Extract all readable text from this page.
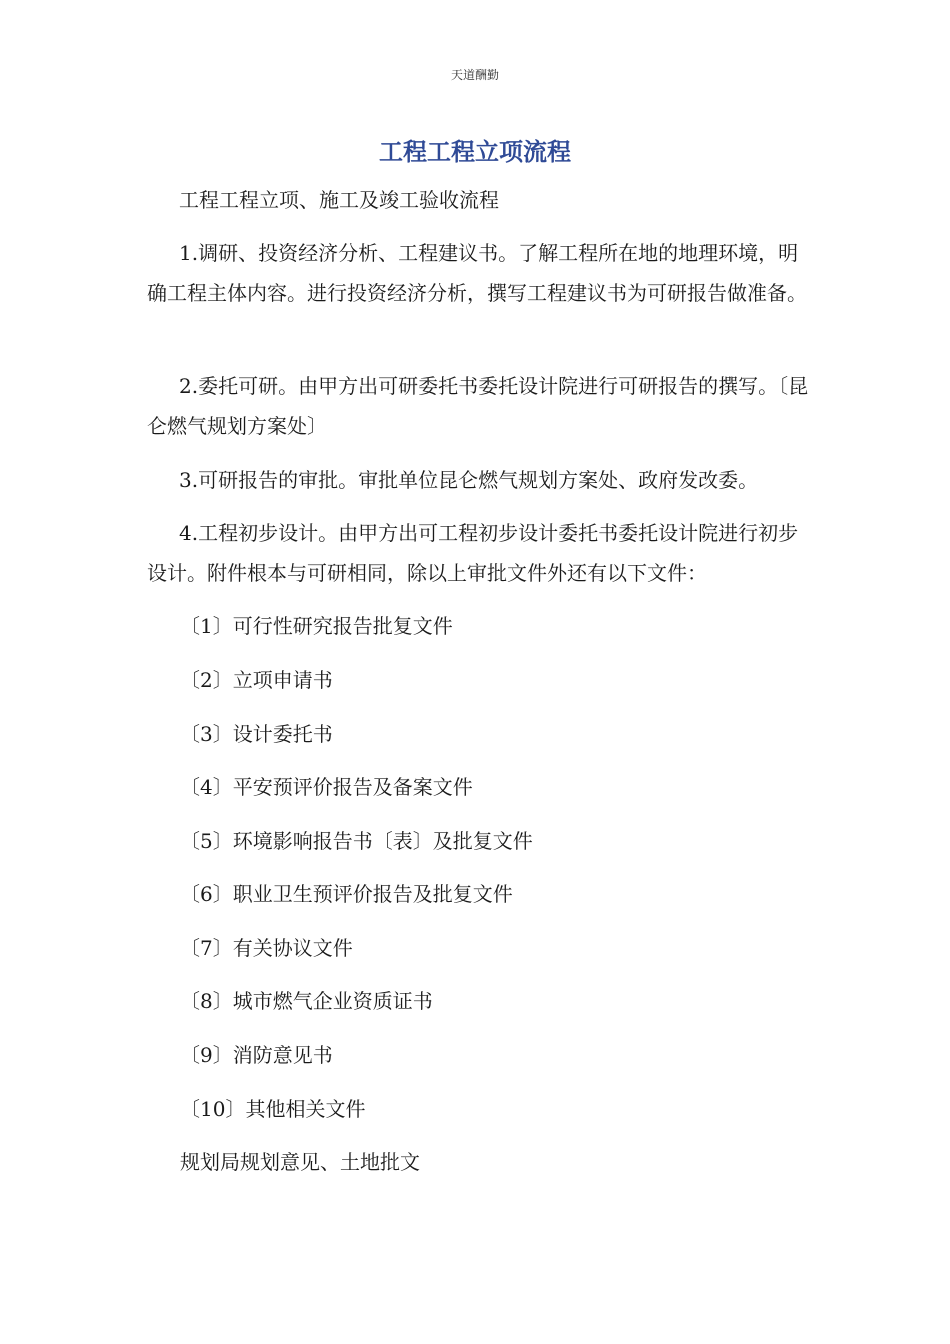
天道酬勤
工程工程立项流程

工程工程立项、施工及竣工验收流程

1.调研、投资经济分析、工程建议书。了解工程所在地的地理环境，明确工程主体内容。进行投资经济分析，撰写工程建议书为可研报告做准备。

2.委托可研。由甲方出可研委托书委托设计院进行可研报告的撰写。〔昆仑燃气规划方案处〕

3.可研报告的审批。审批单位昆仑燃气规划方案处、政府发改委。

4.工程初步设计。由甲方出可工程初步设计委托书委托设计院进行初步设计。附件根本与可研相同，除以上审批文件外还有以下文件：

〔1〕可行性研究报告批复文件
〔2〕立项申请书
〔3〕设计委托书
〔4〕平安预评价报告及备案文件
〔5〕环境影响报告书〔表〕及批复文件
〔6〕职业卫生预评价报告及批复文件
〔7〕有关协议文件
〔8〕城市燃气企业资质证书
〔9〕消防意见书
〔10〕其他相关文件
规划局规划意见、土地批文
